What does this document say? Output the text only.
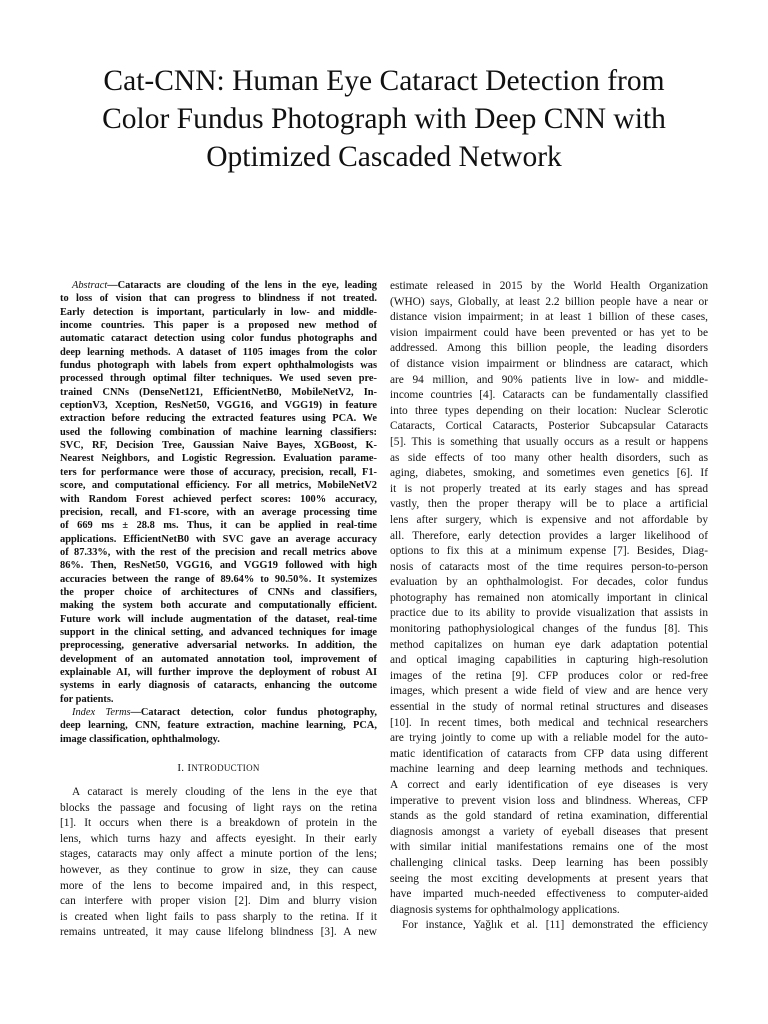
Cat-CNN: Human Eye Cataract Detection from
Color Fundus Photograph with Deep CNN with
Optimized Cascaded Network
Abstract—Cataracts are clouding of the lens in the eye, leading
to loss of vision that can progress to blindness if not treated.
Early detection is important, particularly in low- and middle-
income countries. This paper is a proposed new method of
automatic cataract detection using color fundus photographs and
deep learning methods. A dataset of 1105 images from the color
fundus photograph with labels from expert ophthalmologists was
processed through optimal filter techniques. We used seven pre-
trained CNNs (DenseNet121, EfficientNetB0, MobileNetV2, In-
ceptionV3, Xception, ResNet50, VGG16, and VGG19) in feature
extraction before reducing the extracted features using PCA. We
used the following combination of machine learning classifiers:
SVC, RF, Decision Tree, Gaussian Naive Bayes, XGBoost, K-
Nearest Neighbors, and Logistic Regression. Evaluation parame-
ters for performance were those of accuracy, precision, recall, F1-
score, and computational efficiency. For all metrics, MobileNetV2
with Random Forest achieved perfect scores: 100% accuracy,
precision, recall, and F1-score, with an average processing time
of 669 ms ± 28.8 ms. Thus, it can be applied in real-time
applications. EfficientNetB0 with SVC gave an average accuracy
of 87.33%, with the rest of the precision and recall metrics above
86%. Then, ResNet50, VGG16, and VGG19 followed with high
accuracies between the range of 89.64% to 90.50%. It systemizes
the proper choice of architectures of CNNs and classifiers,
making the system both accurate and computationally efficient.
Future work will include augmentation of the dataset, real-time
support in the clinical setting, and advanced techniques for image
preprocessing, generative adversarial networks. In addition, the
development of an automated annotation tool, improvement of
explainable AI, will further improve the deployment of robust AI
systems in early diagnosis of cataracts, enhancing the outcome
for patients.
Index Terms—Cataract detection, color fundus photography,
deep learning, CNN, feature extraction, machine learning, PCA,
image classification, ophthalmology.
I. INTRODUCTION
A cataract is merely clouding of the lens in the eye that
blocks the passage and focusing of light rays on the retina
[1]. It occurs when there is a breakdown of protein in the
lens, which turns hazy and affects eyesight. In their early
stages, cataracts may only affect a minute portion of the lens;
however, as they continue to grow in size, they can cause
more of the lens to become impaired and, in this respect,
can interfere with proper vision [2]. Dim and blurry vision
is created when light fails to pass sharply to the retina. If it
remains untreated, it may cause lifelong blindness [3]. A new
estimate released in 2015 by the World Health Organization
(WHO) says, Globally, at least 2.2 billion people have a near or
distance vision impairment; in at least 1 billion of these cases,
vision impairment could have been prevented or has yet to be
addressed. Among this billion people, the leading disorders
of distance vision impairment or blindness are cataract, which
are 94 million, and 90% patients live in low- and middle-
income countries [4]. Cataracts can be fundamentally classified
into three types depending on their location: Nuclear Sclerotic
Cataracts, Cortical Cataracts, Posterior Subcapsular Cataracts
[5]. This is something that usually occurs as a result or happens
as side effects of too many other health disorders, such as
aging, diabetes, smoking, and sometimes even genetics [6]. If
it is not properly treated at its early stages and has spread
vastly, then the proper therapy will be to place a artificial
lens after surgery, which is expensive and not affordable by
all. Therefore, early detection provides a larger likelihood of
options to fix this at a minimum expense [7]. Besides, Diag-
nosis of cataracts most of the time requires person-to-person
evaluation by an ophthalmologist. For decades, color fundus
photography has remained non atomically important in clinical
practice due to its ability to provide visualization that assists in
monitoring pathophysiological changes of the fundus [8]. This
method capitalizes on human eye dark adaptation potential
and optical imaging capabilities in capturing high-resolution
images of the retina [9]. CFP produces color or red-free
images, which present a wide field of view and are hence very
essential in the study of normal retinal structures and diseases
[10]. In recent times, both medical and technical researchers
are trying jointly to come up with a reliable model for the auto-
matic identification of cataracts from CFP data using different
machine learning and deep learning methods and techniques.
A correct and early identification of eye diseases is very
imperative to prevent vision loss and blindness. Whereas, CFP
stands as the gold standard of retina examination, differential
diagnosis amongst a variety of eyeball diseases that present
with similar initial manifestations remains one of the most
challenging clinical tasks. Deep learning has been possibly
seeing the most exciting developments at present years that
have imparted much-needed effectiveness to computer-aided
diagnosis systems for ophthalmology applications.
For instance, Yağlık et al. [11] demonstrated the efficiency
